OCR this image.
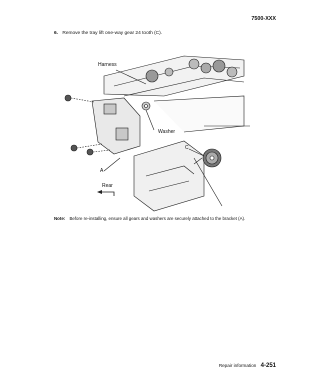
7500-XXX
6. Remove the tray lift one-way gear 24 tooth (C).
Harness
Washer
C
A
Rear
Note: Before re-installing, ensure all gears and washers are securely attached to the bracket (A).
Repair information 4-251
